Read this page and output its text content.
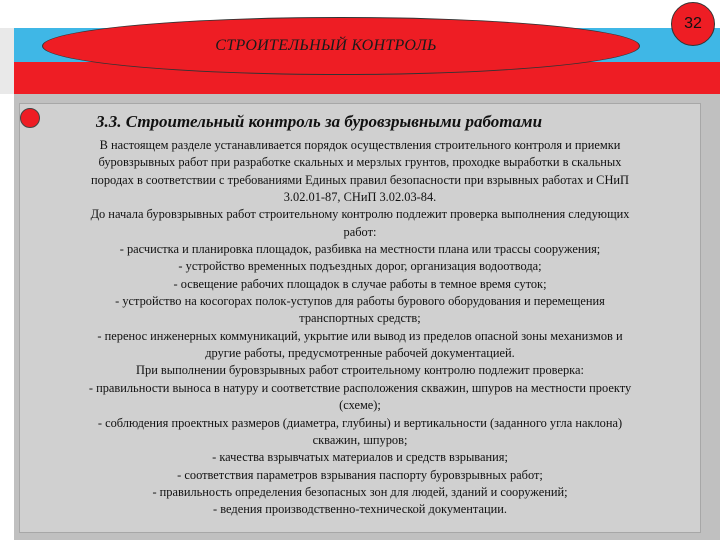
СТРОИТЕЛЬНЫЙ КОНТРОЛЬ
32
3.3. Строительный контроль за буровзрывными работами

В настоящем разделе устанавливается порядок осуществления строительного контроля и приемки

буровзрывных работ при разработке скальных и мерзлых грунтов, проходке выработки в скальных

породах в соответствии с требованиями Единых правил безопасности при взрывных работах и СНиП

3.02.01-87, СНиП 3.02.03-84.

До начала буровзрывных работ строительному контролю подлежит проверка выполнения следующих

работ:

- расчистка и планировка площадок, разбивка на местности плана или трассы сооружения;

- устройство временных подъездных дорог, организация водоотвода;

- освещение рабочих площадок в случае работы в темное время суток;

- устройство на косогорах полок-уступов для работы бурового оборудования и перемещения

транспортных средств;

- перенос инженерных коммуникаций, укрытие или вывод из пределов опасной зоны механизмов и

другие работы, предусмотренные рабочей документацией.

При выполнении буровзрывных работ строительному контролю подлежит проверка:

- правильности выноса в натуру и соответствие расположения скважин, шпуров на местности проекту

(схеме);

- соблюдения проектных размеров (диаметра, глубины) и вертикальности (заданного угла наклона)

скважин, шпуров;

- качества взрывчатых материалов и средств взрывания;

- соответствия параметров взрывания паспорту буровзрывных работ;

- правильность определения безопасных зон для людей, зданий и сооружений;

- ведения производственно-технической документации.
